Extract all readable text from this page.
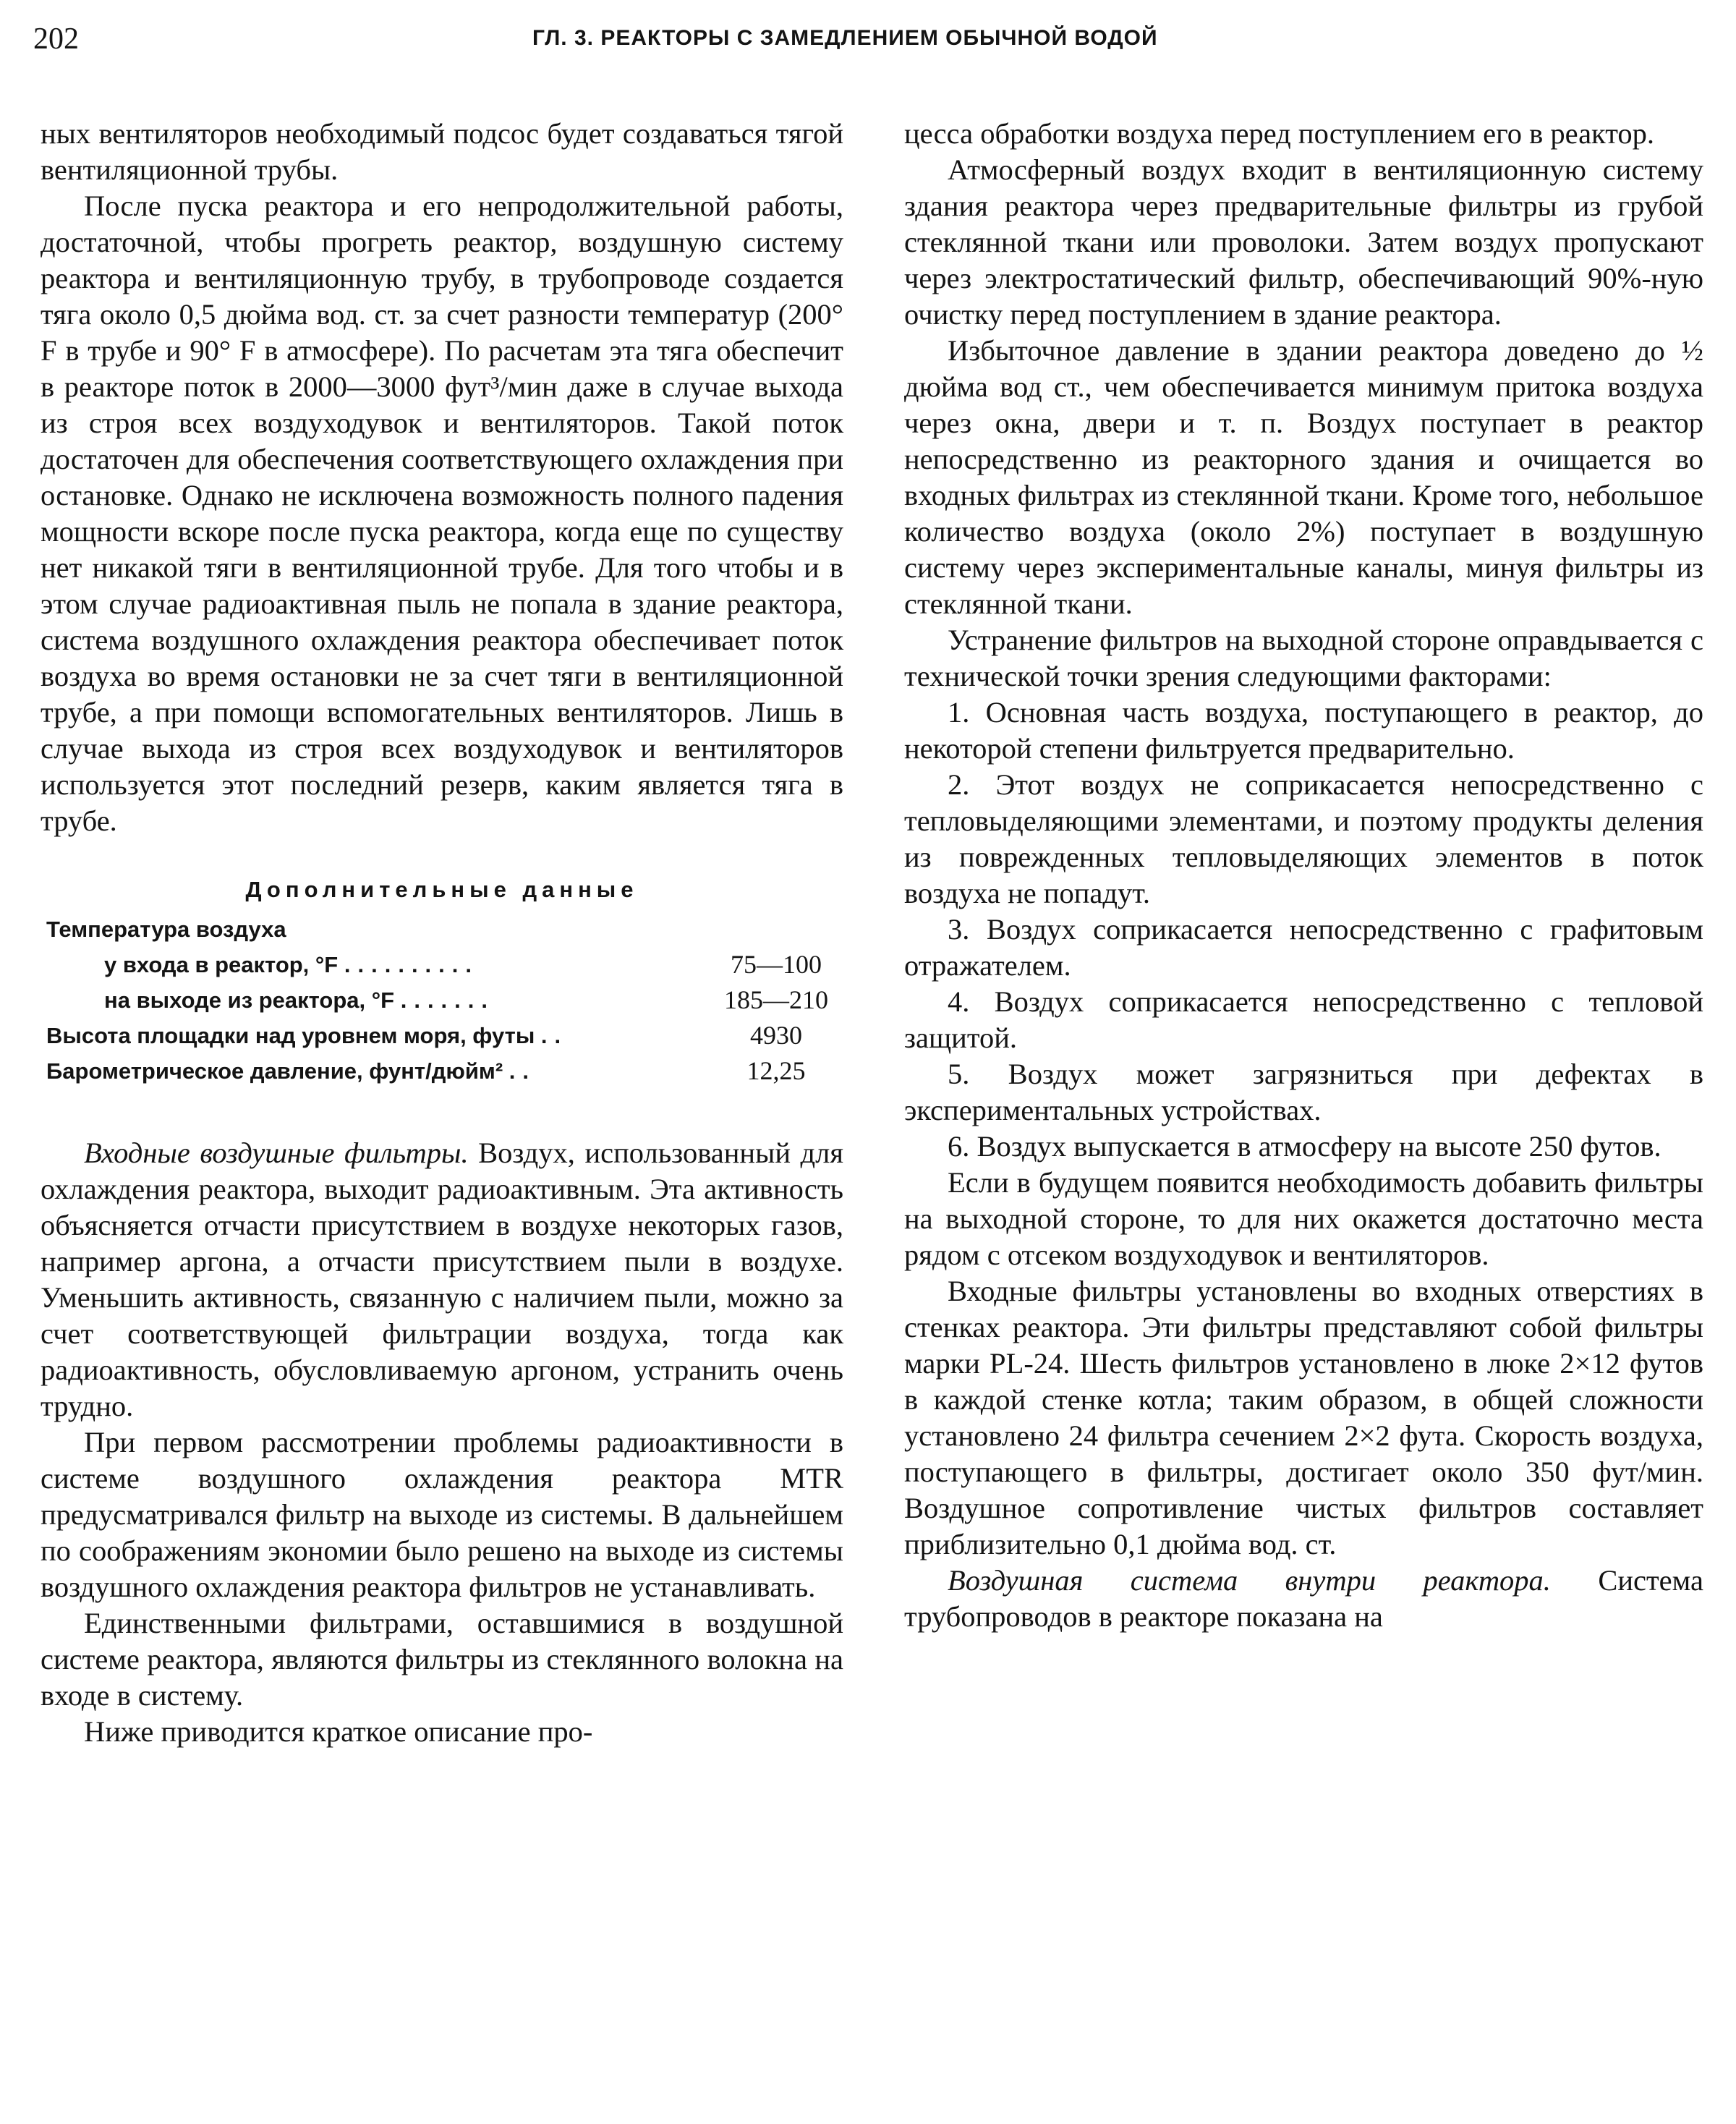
202	ГЛ. 3. РЕАКТОРЫ С ЗАМЕДЛЕНИЕМ ОБЫЧНОЙ ВОДОЙ

ных вентиляторов необходимый подсос будет создаваться тягой вентиляционной трубы.

После пуска реактора и его непродолжительной работы, достаточной, чтобы прогреть реактор, воздушную систему реактора и вентиляционную трубу, в трубопроводе создается тяга около 0,5 дюйма вод. ст. за счет разности температур (200° F в трубе и 90° F в атмосфере). По расчетам эта тяга обеспечит в реакторе поток в 2000—3000 фут³/мин даже в случае выхода из строя всех воздуходувок и вентиляторов. Такой поток достаточен для обеспечения соответствующего охлаждения при остановке. Однако не исключена возможность полного падения мощности вскоре после пуска реактора, когда еще по существу нет никакой тяги в вентиляционной трубе. Для того чтобы и в этом случае радиоактивная пыль не попала в здание реактора, система воздушного охлаждения реактора обеспечивает поток воздуха во время остановки не за счет тяги в вентиляционной трубе, а при помощи вспомогательных вентиляторов. Лишь в случае выхода из строя всех воздуходувок и вентиляторов используется этот последний резерв, каким является тяга в трубе.

Дополнительные данные
Температура воздуха
у входа в реактор, °F ..........	75—100
на выходе из реактора, °F .......	185—210
Высота площадки над уровнем моря, футы ..	4930
Барометрическое давление, фунт/дюйм² ..	12,25

Входные воздушные фильтры. Воздух, использованный для охлаждения реактора, выходит радиоактивным. Эта активность объясняется отчасти присутствием в воздухе некоторых газов, например аргона, а отчасти присутствием пыли в воздухе. Уменьшить активность, связанную с наличием пыли, можно за счет соответствующей фильтрации воздуха, тогда как радиоактивность, обусловливаемую аргоном, устранить очень трудно.

При первом рассмотрении проблемы радиоактивности в системе воздушного охлаждения реактора MTR предусматривался фильтр на выходе из системы. В дальнейшем по соображениям экономии было решено на выходе из системы воздушного охлаждения реактора фильтров не устанавливать.

Единственными фильтрами, оставшимися в воздушной системе реактора, являются фильтры из стеклянного волокна на входе в систему.

Ниже приводится краткое описание про-

цесса обработки воздуха перед поступлением его в реактор.

Атмосферный воздух входит в вентиляционную систему здания реактора через предварительные фильтры из грубой стеклянной ткани или проволоки. Затем воздух пропускают через электростатический фильтр, обеспечивающий 90%-ную очистку перед поступлением в здание реактора.

Избыточное давление в здании реактора доведено до ½ дюйма вод ст., чем обеспечивается минимум притока воздуха через окна, двери и т. п. Воздух поступает в реактор непосредственно из реакторного здания и очищается во входных фильтрах из стеклянной ткани. Кроме того, небольшое количество воздуха (около 2%) поступает в воздушную систему через экспериментальные каналы, минуя фильтры из стеклянной ткани.

Устранение фильтров на выходной стороне оправдывается с технической точки зрения следующими факторами:

1. Основная часть воздуха, поступающего в реактор, до некоторой степени фильтруется предварительно.

2. Этот воздух не соприкасается непосредственно с тепловыделяющими элементами, и поэтому продукты деления из поврежденных тепловыделяющих элементов в поток воздуха не попадут.

3. Воздух соприкасается непосредственно с графитовым отражателем.

4. Воздух соприкасается непосредственно с тепловой защитой.

5. Воздух может загрязниться при дефектах в экспериментальных устройствах.

6. Воздух выпускается в атмосферу на высоте 250 футов.

Если в будущем появится необходимость добавить фильтры на выходной стороне, то для них окажется достаточно места рядом с отсеком воздуходувок и вентиляторов.

Входные фильтры установлены во входных отверстиях в стенках реактора. Эти фильтры представляют собой фильтры марки PL-24. Шесть фильтров установлено в люке 2×12 футов в каждой стенке котла; таким образом, в общей сложности установлено 24 фильтра сечением 2×2 фута. Скорость воздуха, поступающего в фильтры, достигает около 350 фут/мин. Воздушное сопротивление чистых фильтров составляет приблизительно 0,1 дюйма вод. ст.

Воздушная система внутри реактора. Система трубопроводов в реакторе показана на
